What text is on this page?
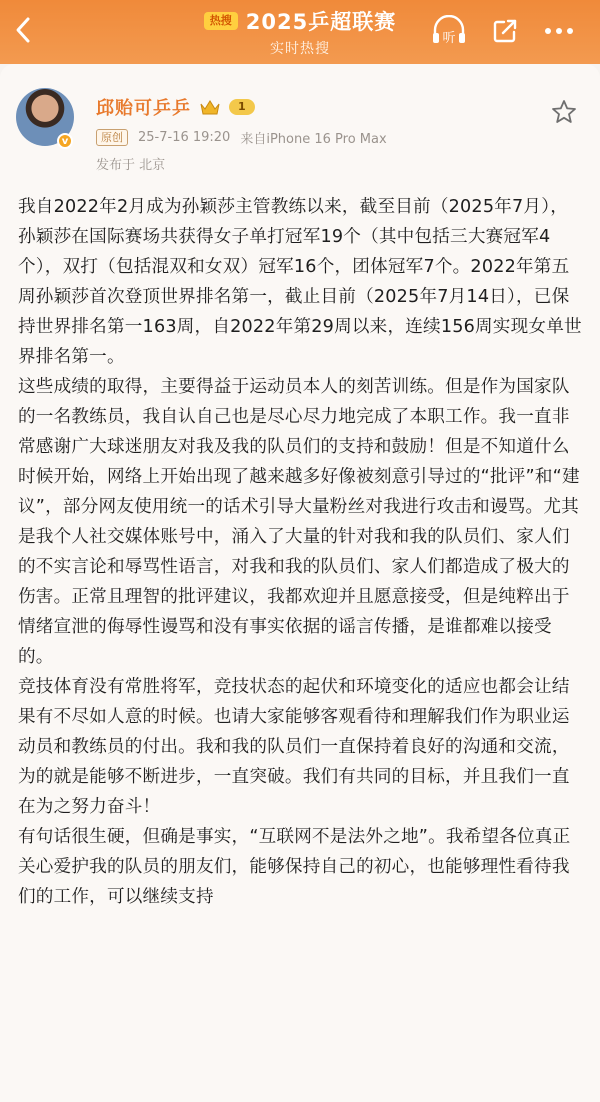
热搜 2025乒超联赛
实时热搜
听
v
邱贻可乒乒	1
原创	25-7-16 19:20 来自iPhone 16 Pro Max
发布于 北京

我自2022年2月成为孙颖莎主管教练以来，截至目前（2025年7月），孙颖莎在国际赛场共获得女子单打冠军19个（其中包括三大赛冠军4个），双打（包括混双和女双）冠军16个，团体冠军7个。2022年第五周孙颖莎首次登顶世界排名第一，截止目前（2025年7月14日），已保持世界排名第一163周，自2022年第29周以来，连续156周实现女单世界排名第一。

这些成绩的取得，主要得益于运动员本人的刻苦训练。但是作为国家队的一名教练员，我自认自己也是尽心尽力地完成了本职工作。我一直非常感谢广大球迷朋友对我及我的队员们的支持和鼓励！但是不知道什么时候开始，网络上开始出现了越来越多好像被刻意引导过的“批评”和“建议”，部分网友使用统一的话术引导大量粉丝对我进行攻击和谩骂。尤其是我个人社交媒体账号中，涌入了大量的针对我和我的队员们、家人们的不实言论和辱骂性语言，对我和我的队员们、家人们都造成了极大的伤害。正常且理智的批评建议，我都欢迎并且愿意接受，但是纯粹出于情绪宣泄的侮辱性谩骂和没有事实依据的谣言传播，是谁都难以接受的。

竞技体育没有常胜将军，竞技状态的起伏和环境变化的适应也都会让结果有不尽如人意的时候。也请大家能够客观看待和理解我们作为职业运动员和教练员的付出。我和我的队员们一直保持着良好的沟通和交流，为的就是能够不断进步，一直突破。我们有共同的目标，并且我们一直在为之努力奋斗！

有句话很生硬，但确是事实，“互联网不是法外之地”。我希望各位真正关心爱护我的队员的朋友们，能够保持自己的初心，也能够理性看待我们的工作，可以继续支持
